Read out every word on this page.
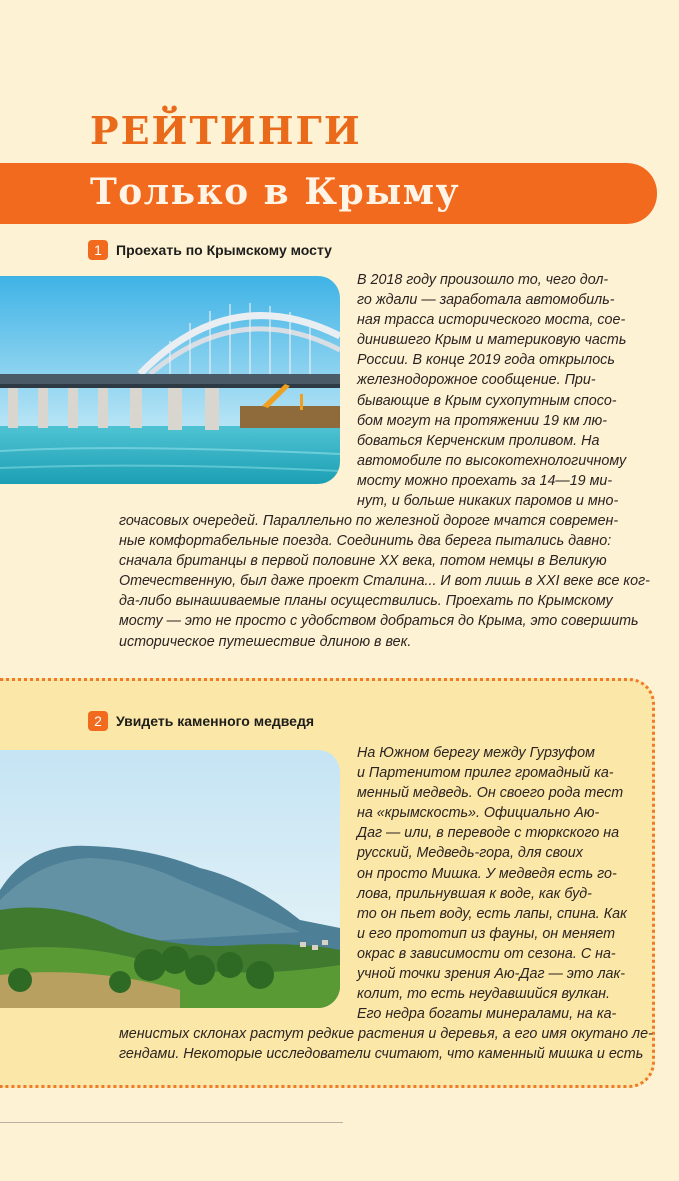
РЕЙТИНГИ
Только в Крыму
1	Проехать по Крымскому мосту
В 2018 году произошло то, чего дол-
го ждали — заработала автомобиль-
ная трасса исторического моста, сое-
динившего Крым и материковую часть
России. В конце 2019 года открылось
железнодорожное сообщение. При-
бывающие в Крым сухопутным спосо-
бом могут на протяжении 19 км лю-
боваться Керченским проливом. На
автомобиле по высокотехнологичному
мосту можно проехать за 14—19 ми-
нут, и больше никаких паромов и мно-
гочасовых очередей. Параллельно по железной дороге мчатся современ-
ные комфортабельные поезда. Соединить два берега пытались давно:
сначала британцы в первой половине XX века, потом немцы в Великую
Отечественную, был даже проект Сталина... И вот лишь в XXI веке все ког-
да-либо вынашиваемые планы осуществились. Проехать по Крымскому
мосту — это не просто с удобством добраться до Крыма, это совершить
историческое путешествие длиною в век.
2	Увидеть каменного медведя
На Южном берегу между Гурзуфом
и Партенитом прилег громадный ка-
менный медведь. Он своего рода тест
на «крымскость». Официально Аю-
Даг — или, в переводе с тюркского на
русский, Медведь-гора, для своих
он просто Мишка. У медведя есть го-
лова, прильнувшая к воде, как буд-
то он пьет воду, есть лапы, спина. Как
и его прототип из фауны, он меняет
окрас в зависимости от сезона. С на-
учной точки зрения Аю-Даг — это лак-
колит, то есть неудавшийся вулкан.
Его недра богаты минералами, на ка-
менистых склонах растут редкие растения и деревья, а его имя окутано ле-
гендами. Некоторые исследователи считают, что каменный мишка и есть
